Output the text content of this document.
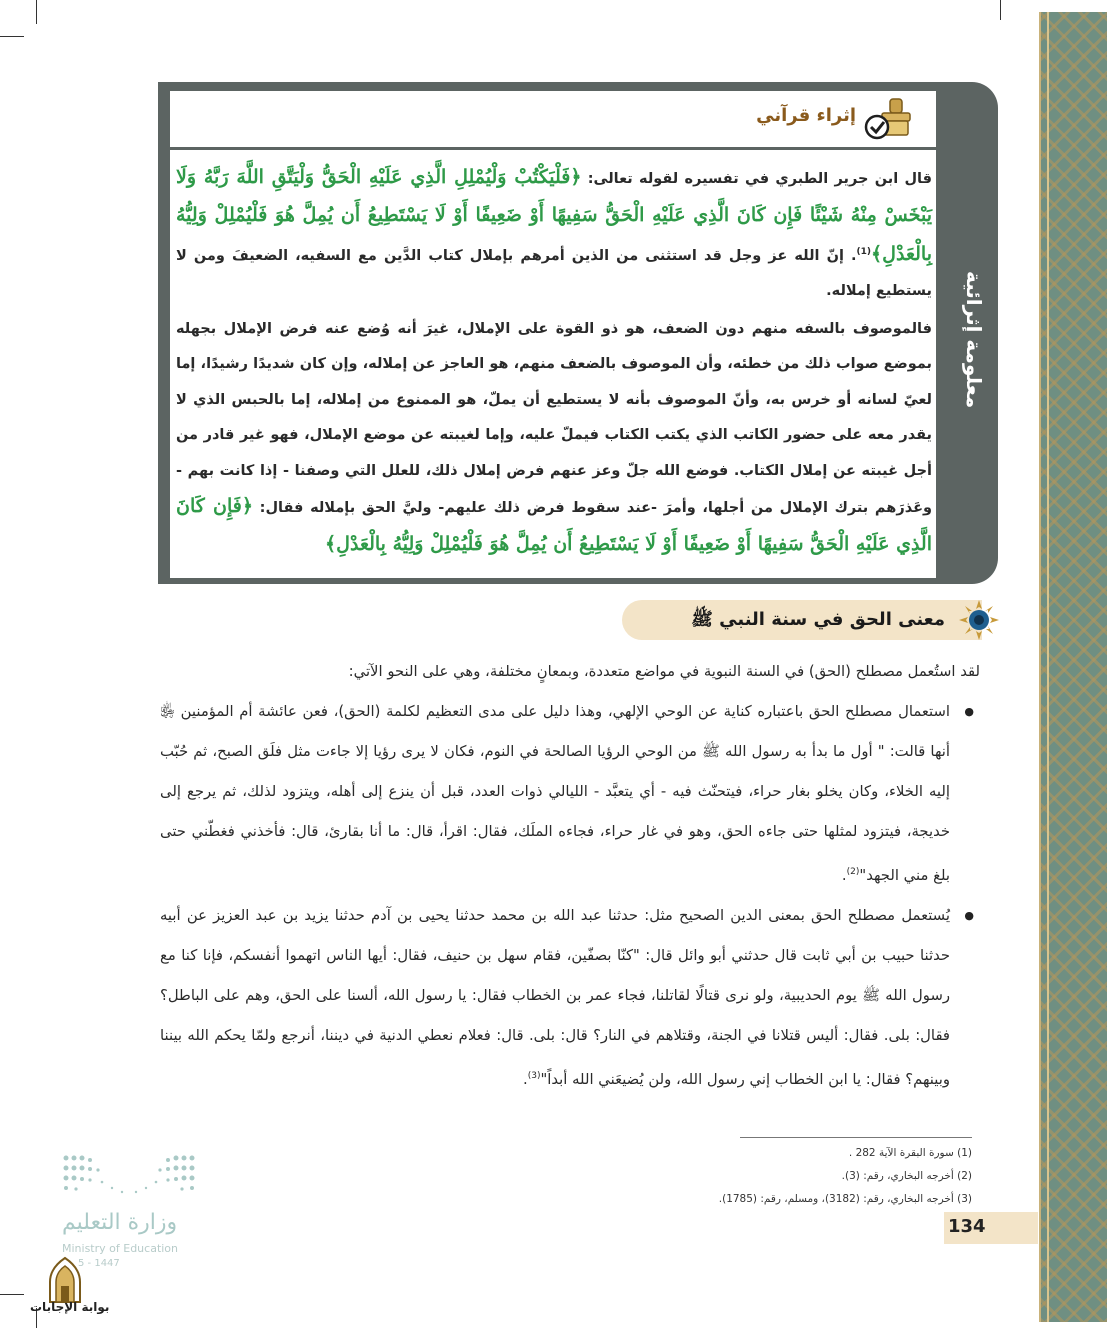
معلومة إثرائية
إثراء قرآني
قال ابن جرير الطبري في تفسيره لقوله تعالى: ﴿فَلْيَكْتُبْ وَلْيُمْلِلِ الَّذِي عَلَيْهِ الْحَقُّ وَلْيَتَّقِ اللَّهَ رَبَّهُ وَلَا يَبْخَسْ مِنْهُ شَيْئًا فَإِن كَانَ الَّذِي عَلَيْهِ الْحَقُّ سَفِيهًا أَوْ ضَعِيفًا أَوْ لَا يَسْتَطِيعُ أَن يُمِلَّ هُوَ فَلْيُمْلِلْ وَلِيُّهُ بِالْعَدْلِ﴾$^{(1)}$. إنّ الله عز وجل قد استثنى من الذين أمرهم بإملال كتاب الدَّين مع السفيه، الضعيفَ ومن لا يستطيع إملاله.
فالموصوف بالسفه منهم دون الضعف، هو ذو القوة على الإملال، غيرَ أنه وُضع عنه فرض الإملال بجهله بموضع صواب ذلك من خطئه، وأن الموصوف بالضعف منهم، هو العاجز عن إملاله، وإن كان شديدًا رشيدًا، إما لعيّ لسانه أو خرس به، وأنّ الموصوف بأنه لا يستطيع أن يملّ، هو الممنوع من إملاله، إما بالحبس الذي لا يقدر معه على حضور الكاتب الذي يكتب الكتاب فيملّ عليه، وإما لغيبته عن موضع الإملال، فهو غير قادر من أجل غيبته عن إملال الكتاب. فوضع الله جلّ وعز عنهم فرض إملال ذلك، للعلل التي وصفنا - إذا كانت بهم - وعَذرَهم بترك الإملال من أجلها، وأمرَ -عند سقوط فرض ذلك عليهم- وليَّ الحق بإملاله فقال: ﴿فَإِن كَانَ الَّذِي عَلَيْهِ الْحَقُّ سَفِيهًا أَوْ ضَعِيفًا أَوْ لَا يَسْتَطِيعُ أَن يُمِلَّ هُوَ فَلْيُمْلِلْ وَلِيُّهُ بِالْعَدْلِ﴾
معنى الحق في سنة النبي ﷺ

لقد استُعمل مصطلح (الحق) في السنة النبوية في مواضع متعددة، وبمعانٍ مختلفة، وهي على النحو الآتي:

● استعمال مصطلح الحق باعتباره كناية عن الوحي الإلهي، وهذا دليل على مدى التعظيم لكلمة (الحق)، فعن عائشة أم المؤمنين ﵂ أنها قالت: " أول ما بدأ به رسول الله ﷺ من الوحي الرؤيا الصالحة في النوم، فكان لا يرى رؤيا إلا جاءت مثل فلَق الصبح، ثم حُبّب إليه الخلاء، وكان يخلو بغار حراء، فيتحنّث فيه - أي يتعبَّد - الليالي ذوات العدد، قبل أن ينزع إلى أهله، ويتزود لذلك، ثم يرجع إلى خديجة، فيتزود لمثلها حتى جاءه الحق، وهو في غار حراء، فجاءه الملَك، فقال: اقرأ، قال: ما أنا بقارئ، قال: فأخذني فغطّني حتى بلغ مني الجهد"$^{(2)}$.

● يُستعمل مصطلح الحق بمعنى الدين الصحيح مثل: حدثنا عبد الله بن محمد حدثنا يحيى بن آدم حدثنا يزيد بن عبد العزيز عن أبيه حدثنا حبيب بن أبي ثابت قال حدثني أبو وائل قال: "كنّا بصفّين، فقام سهل بن حنيف، فقال: أيها الناس اتهموا أنفسكم، فإنا كنا مع رسول الله ﷺ يوم الحديبية، ولو نرى قتالًا لقاتلنا، فجاء عمر بن الخطاب فقال: يا رسول الله، ألسنا على الحق، وهم على الباطل؟ فقال: بلى. فقال: أليس قتلانا في الجنة، وقتلاهم في النار؟ قال: بلى. قال: فعلام نعطي الدنية في ديننا، أنرجع ولمّا يحكم الله بيننا وبينهم؟ فقال: يا ابن الخطاب إني رسول الله، ولن يُضيعَني الله أبداً"$^{(3)}$.

(1) سورة البقرة الآية 282 .
(2) أخرجه البخاري، رقم: (3).
(3) أخرجه البخاري، رقم: (3182)، ومسلم، رقم: (1785).
134
وزارة التعليم
Ministry of Education
5 - 1447
بوابة الإجابات
